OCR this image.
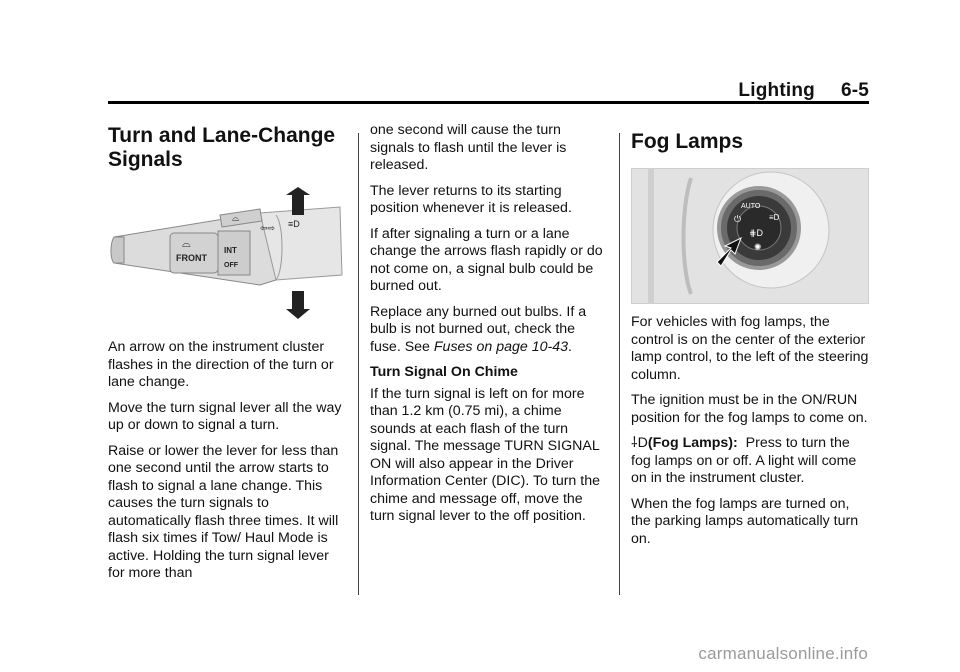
Lighting 6-5
Turn and Lane-Change Signals
FRONT
⌓
INT
OFF
⌓
⇦⇨ ≡D

An arrow on the instrument cluster flashes in the direction of the turn or lane change.

Move the turn signal lever all the way up or down to signal a turn.

Raise or lower the lever for less than one second until the arrow starts to flash to signal a lane change. This causes the turn signals to automatically flash three times. It will flash six times if Tow/ Haul Mode is active. Holding the turn signal lever for more than

one second will cause the turn signals to flash until the lever is released.

The lever returns to its starting position whenever it is released.

If after signaling a turn or a lane change the arrows flash rapidly or do not come on, a signal bulb could be burned out.

Replace any burned out bulbs. If a bulb is not burned out, check the fuse. See Fuses on page 10-43.

Turn Signal On Chime

If the turn signal is left on for more than 1.2 km (0.75 mi), a chime sounds at each flash of the turn signal. The message TURN SIGNAL ON will also appear in the Driver Information Center (DIC). To turn the chime and message off, move the turn signal lever to the off position.

Fog Lamps
AUTO
⏻	≡D
⋕D
✺

For vehicles with fog lamps, the control is on the center of the exterior lamp control, to the left of the steering column.

The ignition must be in the ON/RUN position for the fog lamps to come on.

⸸D(Fog Lamps): Press to turn the fog lamps on or off. A light will come on in the instrument cluster.

When the fog lamps are turned on, the parking lamps automatically turn on.

carmanualsonline.info
